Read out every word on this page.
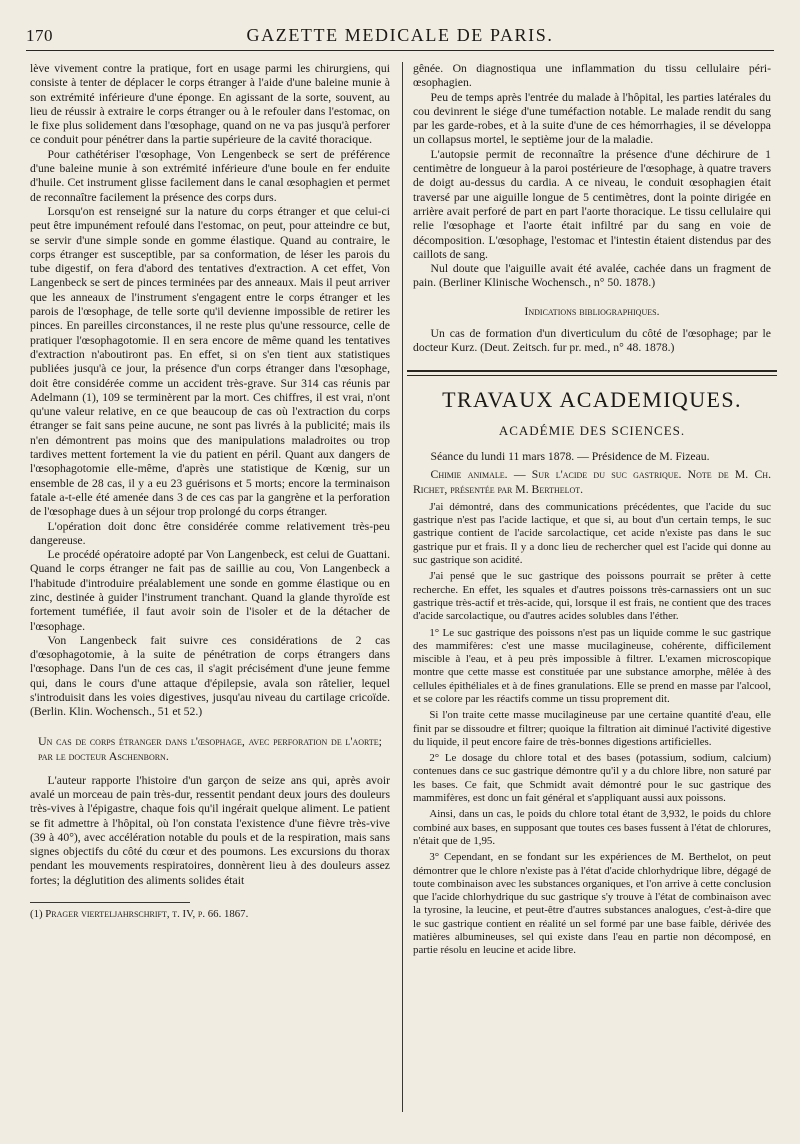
170	GAZETTE MEDICALE DE PARIS.

lève vivement contre la pratique, fort en usage parmi les chirurgiens, qui consiste à tenter de déplacer le corps étranger à l'aide d'une baleine munie à son extrémité inférieure d'une éponge. En agissant de la sorte, souvent, au lieu de réussir à extraire le corps étranger ou à le refouler dans l'estomac, on le fixe plus solidement dans l'œsophage, quand on ne va pas jusqu'à perforer ce conduit pour pénétrer dans la partie supérieure de la cavité thoracique.

Pour cathétériser l'œsophage, Von Lengenbeck se sert de préférence d'une baleine munie à son extrémité inférieure d'une boule en fer enduite d'huile. Cet instrument glisse facilement dans le canal œsophagien et permet de reconnaître facilement la présence des corps durs.

Lorsqu'on est renseigné sur la nature du corps étranger et que celui-ci peut être impunément refoulé dans l'estomac, on peut, pour atteindre ce but, se servir d'une simple sonde en gomme élastique. Quand au contraire, le corps étranger est susceptible, par sa conformation, de léser les parois du tube digestif, on fera d'abord des tentatives d'extraction. A cet effet, Von Langenbeck se sert de pinces terminées par des anneaux. Mais il peut arriver que les anneaux de l'instrument s'engagent entre le corps étranger et les parois de l'œsophage, de telle sorte qu'il devienne impossible de retirer les pinces. En pareilles circonstances, il ne reste plus qu'une ressource, celle de pratiquer l'œsophagotomie. Il en sera encore de même quand les tentatives d'extraction n'aboutiront pas. En effet, si on s'en tient aux statistiques publiées jusqu'à ce jour, la présence d'un corps étranger dans l'œsophage, doit être considérée comme un accident très-grave. Sur 314 cas réunis par Adelmann (1), 109 se terminèrent par la mort. Ces chiffres, il est vrai, n'ont qu'une valeur relative, en ce que beaucoup de cas où l'extraction du corps étranger se fait sans peine aucune, ne sont pas livrés à la publicité; mais ils n'en démontrent pas moins que des manipulations maladroites ou trop tardives mettent fortement la vie du patient en péril. Quant aux dangers de l'œsophagotomie elle-même, d'après une statistique de Kœnig, sur un ensemble de 28 cas, il y a eu 23 guérisons et 5 morts; encore la terminaison fatale a-t-elle été amenée dans 3 de ces cas par la gangrène et la perforation de l'œsophage dues à un séjour trop prolongé du corps étranger.

L'opération doit donc être considérée comme relativement très-peu dangereuse.

Le procédé opératoire adopté par Von Langenbeck, est celui de Guattani. Quand le corps étranger ne fait pas de saillie au cou, Von Langenbeck a l'habitude d'introduire préalablement une sonde en gomme élastique ou en zinc, destinée à guider l'instrument tranchant. Quand la glande thyroïde est fortement tuméfiée, il faut avoir soin de l'isoler et de la détacher de l'œsophage.

Von Langenbeck fait suivre ces considérations de 2 cas d'œsophagotomie, à la suite de pénétration de corps étrangers dans l'œsophage. Dans l'un de ces cas, il s'agit précisément d'une jeune femme qui, dans le cours d'une attaque d'épilepsie, avala son râtelier, lequel s'introduisit dans les voies digestives, jusqu'au niveau du cartilage cricoïde. (Berlin. Klin. Wochensch., 51 et 52.)

Un cas de corps étranger dans l'œsophage, avec perforation de l'aorte; par le docteur Aschenborn.

L'auteur rapporte l'histoire d'un garçon de seize ans qui, après avoir avalé un morceau de pain très-dur, ressentit pendant deux jours des douleurs très-vives à l'épigastre, chaque fois qu'il ingérait quelque aliment. Le patient se fit admettre à l'hôpital, où l'on constata l'existence d'une fièvre très-vive (39 à 40°), avec accélération notable du pouls et de la respiration, mais sans signes objectifs du côté du cœur et des poumons. Les excursions du thorax pendant les mouvements respiratoires, donnèrent lieu à des douleurs assez fortes; la déglutition des aliments solides était

(1) Prager vierteljahrschrift, t. IV, p. 66. 1867.

gênée. On diagnostiqua une inflammation du tissu cellulaire péri-œsophagien.

Peu de temps après l'entrée du malade à l'hôpital, les parties latérales du cou devinrent le siége d'une tuméfaction notable. Le malade rendit du sang par les garde-robes, et à la suite d'une de ces hémorrhagies, il se développa un collapsus mortel, le septième jour de la maladie.

L'autopsie permit de reconnaître la présence d'une déchirure de 1 centimètre de longueur à la paroi postérieure de l'œsophage, à quatre travers de doigt au-dessus du cardia. A ce niveau, le conduit œsophagien était traversé par une aiguille longue de 5 centimètres, dont la pointe dirigée en arrière avait perforé de part en part l'aorte thoracique. Le tissu cellulaire qui relie l'œsophage et l'aorte était infiltré par du sang en voie de décomposition. L'œsophage, l'estomac et l'intestin étaient distendus par des caillots de sang.

Nul doute que l'aiguille avait été avalée, cachée dans un fragment de pain. (Berliner Klinische Wochensch., n° 50. 1878.)

Indications bibliographiques.

Un cas de formation d'un diverticulum du côté de l'œsophage; par le docteur Kurz. (Deut. Zeitsch. fur pr. med., n° 48. 1878.)

TRAVAUX ACADEMIQUES.

ACADÉMIE DES SCIENCES.

Séance du lundi 11 mars 1878. — Présidence de M. Fizeau.

Chimie animale. — Sur l'acide du suc gastrique. Note de M. Ch. Richet, présentée par M. Berthelot.

J'ai démontré, dans des communications précédentes, que l'acide du suc gastrique n'est pas l'acide lactique, et que si, au bout d'un certain temps, le suc gastrique contient de l'acide sarcolactique, cet acide n'existe pas dans le suc gastrique pur et frais. Il y a donc lieu de rechercher quel est l'acide qui donne au suc gastrique son acidité.

J'ai pensé que le suc gastrique des poissons pourrait se prêter à cette recherche. En effet, les squales et d'autres poissons très-carnassiers ont un suc gastrique très-actif et très-acide, qui, lorsque il est frais, ne contient que des traces d'acide sarcolactique, ou d'autres acides solubles dans l'éther.

1° Le suc gastrique des poissons n'est pas un liquide comme le suc gastrique des mammifères: c'est une masse mucilagineuse, cohérente, difficilement miscible à l'eau, et à peu près impossible à filtrer. L'examen microscopique montre que cette masse est constituée par une substance amorphe, mêlée à des cellules épithéliales et à de fines granulations. Elle se prend en masse par l'alcool, et se colore par les réactifs comme un tissu proprement dit.

Si l'on traite cette masse mucilagineuse par une certaine quantité d'eau, elle finit par se dissoudre et filtrer; quoique la filtration ait diminué l'activité digestive du liquide, il peut encore faire de très-bonnes digestions artificielles.

2° Le dosage du chlore total et des bases (potassium, sodium, calcium) contenues dans ce suc gastrique démontre qu'il y a du chlore libre, non saturé par les bases. Ce fait, que Schmidt avait démontré pour le suc gastrique des mammifères, est donc un fait général et s'appliquant aussi aux poissons.

Ainsi, dans un cas, le poids du chlore total étant de 3,932, le poids du chlore combiné aux bases, en supposant que toutes ces bases fussent à l'état de chlorures, n'était que de 1,95.

3° Cependant, en se fondant sur les expériences de M. Berthelot, on peut démontrer que le chlore n'existe pas à l'état d'acide chlorhydrique libre, dégagé de toute combinaison avec les substances organiques, et l'on arrive à cette conclusion que l'acide chlorhydrique du suc gastrique s'y trouve à l'état de combinaison avec la tyrosine, la leucine, et peut-être d'autres substances analogues, c'est-à-dire que le suc gastrique contient en réalité un sel formé par une base faible, dérivée des matières albumineuses, sel qui existe dans l'eau en partie non décomposé, en partie résolu en leucine et acide libre.
